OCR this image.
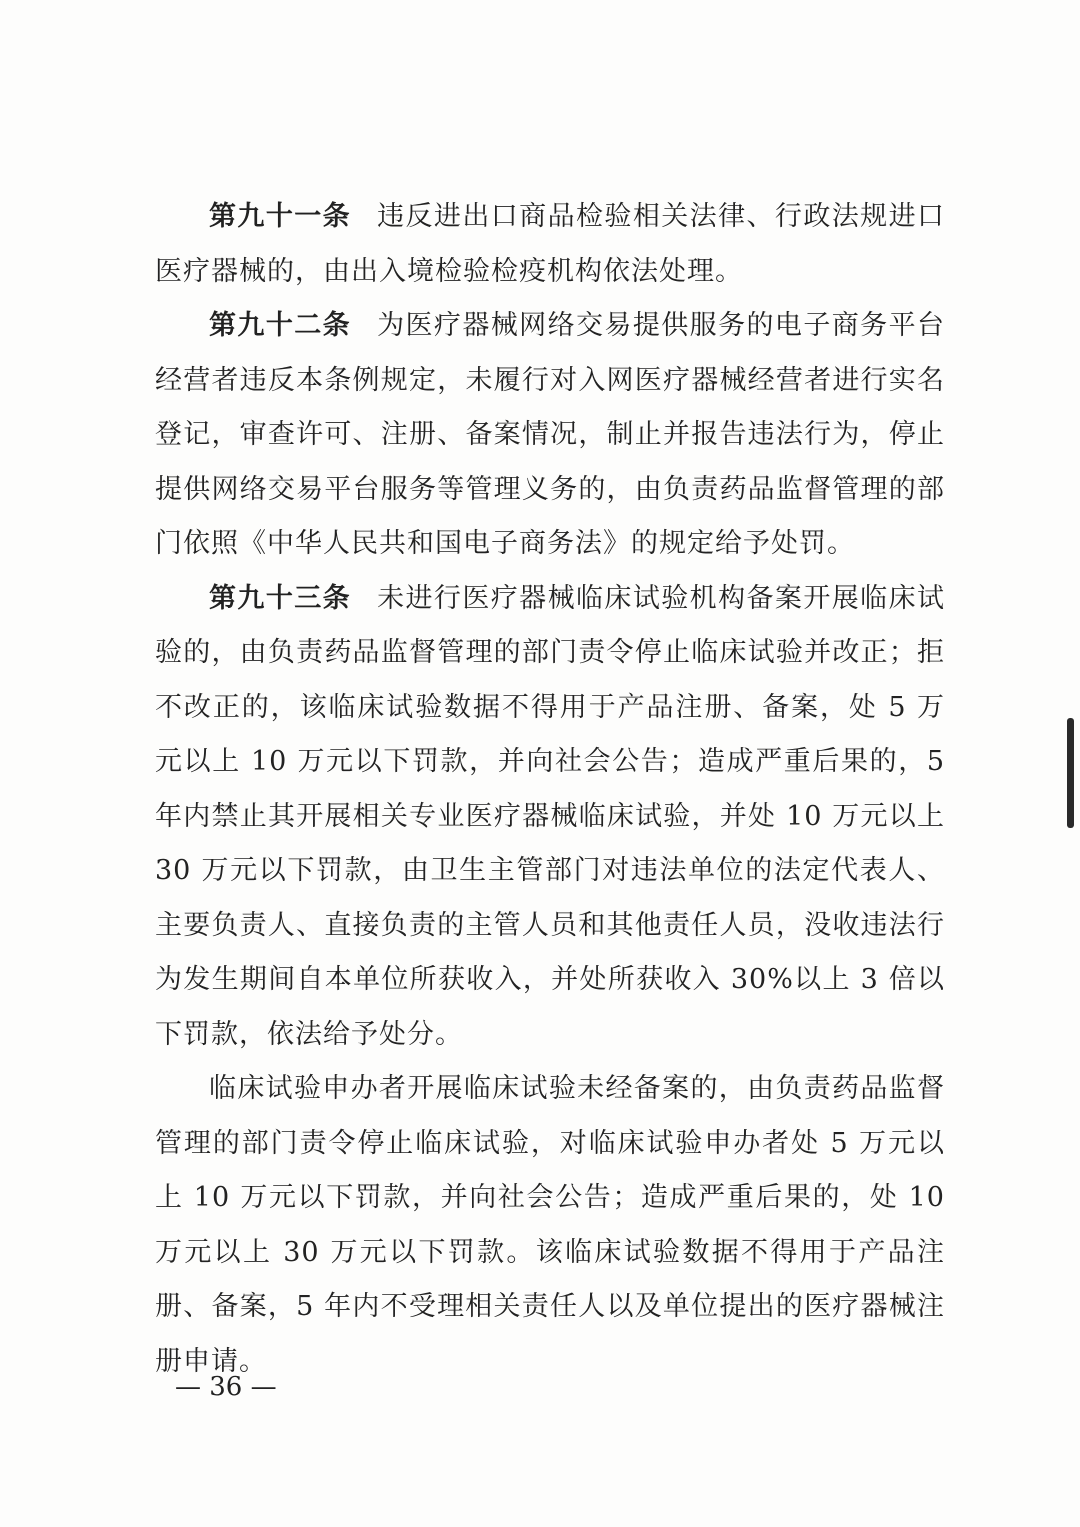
第九十一条 违反进出口商品检验相关法律、行政法规进口医疗器械的，由出入境检验检疫机构依法处理。

第九十二条 为医疗器械网络交易提供服务的电子商务平台经营者违反本条例规定，未履行对入网医疗器械经营者进行实名登记，审查许可、注册、备案情况，制止并报告违法行为，停止提供网络交易平台服务等管理义务的，由负责药品监督管理的部门依照《中华人民共和国电子商务法》的规定给予处罚。

第九十三条 未进行医疗器械临床试验机构备案开展临床试验的，由负责药品监督管理的部门责令停止临床试验并改正；拒不改正的，该临床试验数据不得用于产品注册、备案，处 5 万元以上 10 万元以下罚款，并向社会公告；造成严重后果的，5 年内禁止其开展相关专业医疗器械临床试验，并处 10 万元以上 30 万元以下罚款，由卫生主管部门对违法单位的法定代表人、主要负责人、直接负责的主管人员和其他责任人员，没收违法行为发生期间自本单位所获收入，并处所获收入 30%以上 3 倍以下罚款，依法给予处分。

临床试验申办者开展临床试验未经备案的，由负责药品监督管理的部门责令停止临床试验，对临床试验申办者处 5 万元以上 10 万元以下罚款，并向社会公告；造成严重后果的，处 10 万元以上 30 万元以下罚款。该临床试验数据不得用于产品注册、备案，5 年内不受理相关责任人以及单位提出的医疗器械注册申请。

— 36 —
